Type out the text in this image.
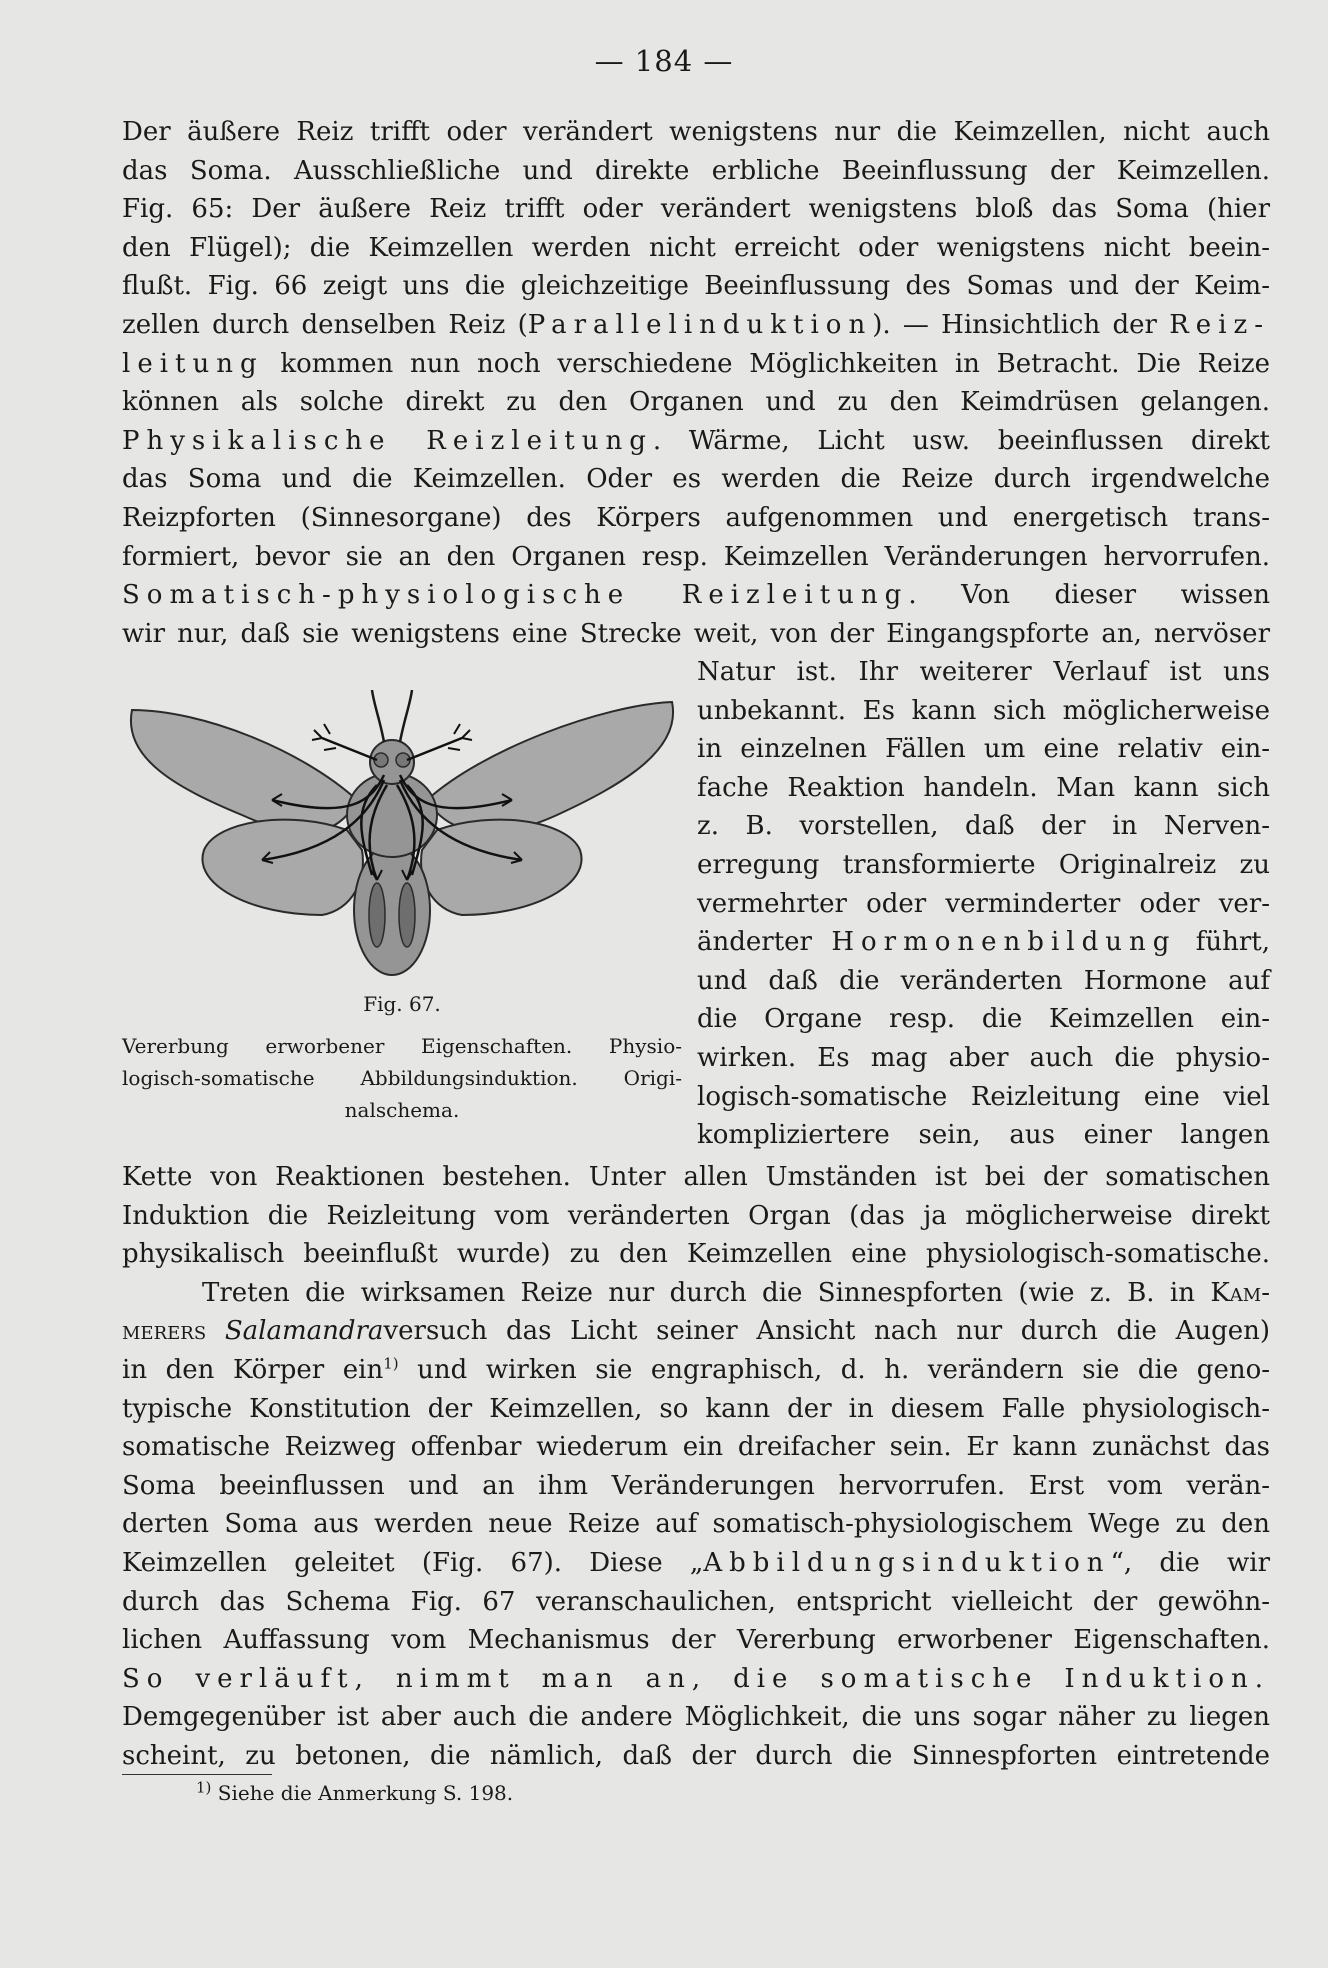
— 184 —
Der äußere Reiz trifft oder verändert wenigstens nur die Keimzellen, nicht auch
das Soma. Ausschließliche und direkte erbliche Beeinflussung der Keimzellen.
Fig. 65: Der äußere Reiz trifft oder verändert wenigstens bloß das Soma (hier
den Flügel); die Keimzellen werden nicht erreicht oder wenigstens nicht beein-
flußt. Fig. 66 zeigt uns die gleichzeitige Beeinflussung des Somas und der Keim-
zellen durch denselben Reiz (Parallelinduktion). — Hinsichtlich der Reiz-
leitung kommen nun noch verschiedene Möglichkeiten in Betracht. Die Reize
können als solche direkt zu den Organen und zu den Keimdrüsen gelangen.
Physikalische Reizleitung. Wärme, Licht usw. beeinflussen direkt
das Soma und die Keimzellen. Oder es werden die Reize durch irgendwelche
Reizpforten (Sinnesorgane) des Körpers aufgenommen und energetisch trans-
formiert, bevor sie an den Organen resp. Keimzellen Veränderungen hervorrufen.
Somatisch-physiologische Reizleitung. Von dieser wissen
wir nur, daß sie wenigstens eine Strecke weit, von der Eingangspforte an, nervöser
Natur ist. Ihr weiterer Verlauf ist uns
unbekannt. Es kann sich möglicherweise
in einzelnen Fällen um eine relativ ein-
fache Reaktion handeln. Man kann sich
z. B. vorstellen, daß der in Nerven-
erregung transformierte Originalreiz zu
vermehrter oder verminderter oder ver-
änderter Hormonenbildung führt,
und daß die veränderten Hormone auf
die Organe resp. die Keimzellen ein-
wirken. Es mag aber auch die physio-
logisch-somatische Reizleitung eine viel
kompliziertere sein, aus einer langen
Fig. 67.
Vererbung erworbener Eigenschaften. Physio-
logisch-somatische Abbildungsinduktion. Origi-
nalschema.
Kette von Reaktionen bestehen. Unter allen Umständen ist bei der somatischen
Induktion die Reizleitung vom veränderten Organ (das ja möglicherweise direkt
physikalisch beeinflußt wurde) zu den Keimzellen eine physiologisch-somatische.
Treten die wirksamen Reize nur durch die Sinnespforten (wie z. B. in Kam-
merers Salamandraversuch das Licht seiner Ansicht nach nur durch die Augen)
in den Körper ein$^{1)}$ und wirken sie engraphisch, d. h. verändern sie die geno-
typische Konstitution der Keimzellen, so kann der in diesem Falle physiologisch-
somatische Reizweg offenbar wiederum ein dreifacher sein. Er kann zunächst das
Soma beeinflussen und an ihm Veränderungen hervorrufen. Erst vom verän-
derten Soma aus werden neue Reize auf somatisch-physiologischem Wege zu den
Keimzellen geleitet (Fig. 67). Diese „Abbildungsinduktion“, die wir
durch das Schema Fig. 67 veranschaulichen, entspricht vielleicht der gewöhn-
lichen Auffassung vom Mechanismus der Vererbung erworbener Eigenschaften.
So verläuft, nimmt man an, die somatische Induktion.
Demgegenüber ist aber auch die andere Möglichkeit, die uns sogar näher zu liegen
scheint, zu betonen, die nämlich, daß der durch die Sinnespforten eintretende
$^{1)}$ Siehe die Anmerkung S. 198.
